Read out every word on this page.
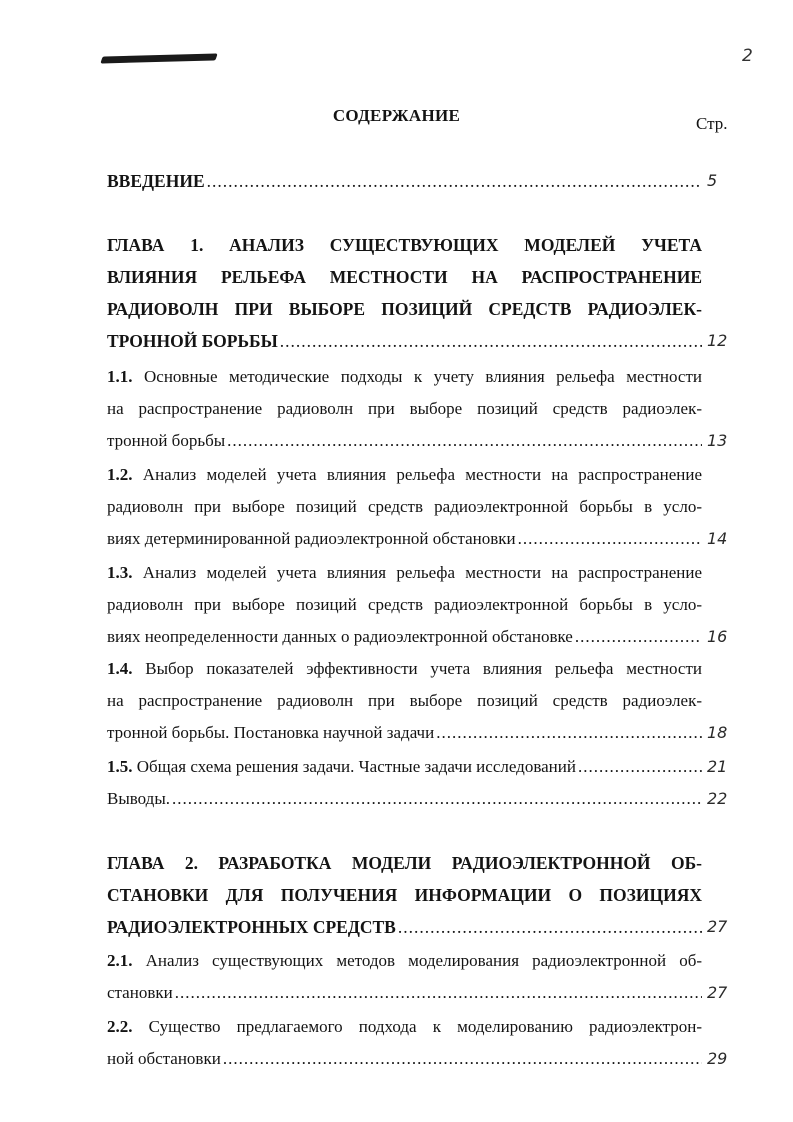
2
СОДЕРЖАНИЕ	Стр.
ВВЕДЕНИЕ .....	5
ГЛАВА 1. АНАЛИЗ СУЩЕСТВУЮЩИХ МОДЕЛЕЙ УЧЕТА
ВЛИЯНИЯ РЕЛЬЕФА МЕСТНОСТИ НА РАСПРОСТРАНЕНИЕ
РАДИОВОЛН ПРИ ВЫБОРЕ ПОЗИЦИЙ СРЕДСТВ РАДИОЭЛЕК-
ТРОННОЙ БОРЬБЫ .....	12
1.1. Основные методические подходы к учету влияния рельефа местности
на распространение радиоволн при выборе позиций средств радиоэлек-
тронной борьбы .....	13
1.2. Анализ моделей учета влияния рельефа местности на распространение
радиоволн при выборе позиций средств радиоэлектронной борьбы в усло-
виях детерминированной радиоэлектронной обстановки .....	14
1.3. Анализ моделей учета влияния рельефа местности на распространение
радиоволн при выборе позиций средств радиоэлектронной борьбы в усло-
виях неопределенности данных о радиоэлектронной обстановке .....	16
1.4. Выбор показателей эффективности учета влияния рельефа местности
на распространение радиоволн при выборе позиций средств радиоэлек-
тронной борьбы. Постановка научной задачи .....	18
1.5. Общая схема решения задачи. Частные задачи исследований .....	21
Выводы. .....	22
ГЛАВА 2. РАЗРАБОТКА МОДЕЛИ РАДИОЭЛЕКТРОННОЙ ОБ-
СТАНОВКИ ДЛЯ ПОЛУЧЕНИЯ ИНФОРМАЦИИ О ПОЗИЦИЯХ
РАДИОЭЛЕКТРОННЫХ СРЕДСТВ .....	27
2.1. Анализ существующих методов моделирования радиоэлектронной об-
становки .....	27
2.2. Существо предлагаемого подхода к моделированию радиоэлектрон-
ной обстановки .....	29
